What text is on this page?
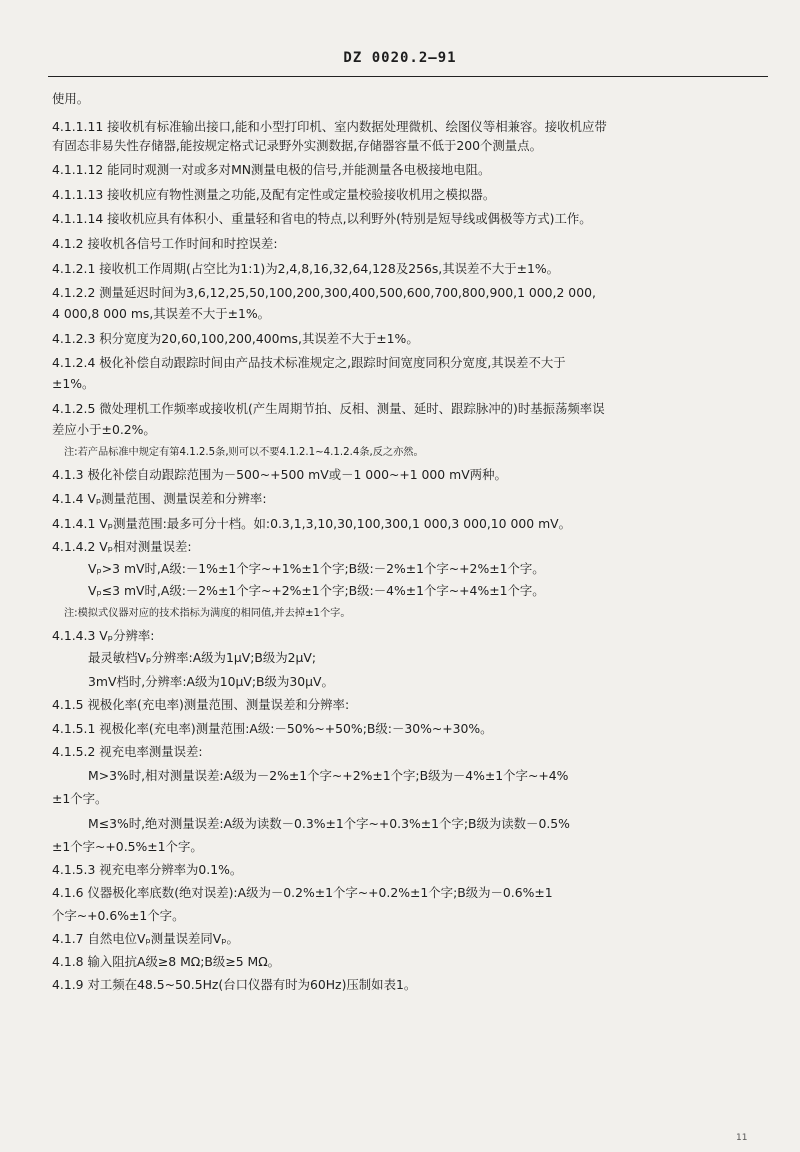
DZ 0020.2—91
使用。
4.1.1.11 接收机有标准输出接口,能和小型打印机、室内数据处理微机、绘图仪等相兼容。接收机应带
有固态非易失性存储器,能按规定格式记录野外实测数据,存储器容量不低于200个测量点。
4.1.1.12 能同时观测一对或多对MN测量电极的信号,并能测量各电极接地电阻。
4.1.1.13 接收机应有物性测量之功能,及配有定性或定量校验接收机用之模拟器。
4.1.1.14 接收机应具有体积小、重量轻和省电的特点,以利野外(特别是短导线或偶极等方式)工作。
4.1.2 接收机各信号工作时间和时控误差:
4.1.2.1 接收机工作周期(占空比为1:1)为2,4,8,16,32,64,128及256s,其误差不大于±1%。
4.1.2.2 测量延迟时间为3,6,12,25,50,100,200,300,400,500,600,700,800,900,1 000,2 000,
4 000,8 000 ms,其误差不大于±1%。
4.1.2.3 积分宽度为20,60,100,200,400ms,其误差不大于±1%。
4.1.2.4 极化补偿自动跟踪时间由产品技术标准规定之,跟踪时间宽度同积分宽度,其误差不大于
±1%。
4.1.2.5 微处理机工作频率或接收机(产生周期节拍、反相、测量、延时、跟踪脉冲的)时基振荡频率误
差应小于±0.2%。
注:若产品标准中规定有第4.1.2.5条,则可以不要4.1.2.1~4.1.2.4条,反之亦然。
4.1.3 极化补偿自动跟踪范围为－500~+500 mV或－1 000~+1 000 mV两种。
4.1.4 Vₚ测量范围、测量误差和分辨率:
4.1.4.1 Vₚ测量范围:最多可分十档。如:0.3,1,3,10,30,100,300,1 000,3 000,10 000 mV。
4.1.4.2 Vₚ相对测量误差:
Vₚ>3 mV时,A级:－1%±1个字~+1%±1个字;B级:－2%±1个字~+2%±1个字。
Vₚ≤3 mV时,A级:－2%±1个字~+2%±1个字;B级:－4%±1个字~+4%±1个字。
注:模拟式仪器对应的技术指标为满度的相同值,并去掉±1个字。
4.1.4.3 Vₚ分辨率:
最灵敏档Vₚ分辨率:A级为1μV;B级为2μV;
3mV档时,分辨率:A级为10μV;B级为30μV。
4.1.5 视极化率(充电率)测量范围、测量误差和分辨率:
4.1.5.1 视极化率(充电率)测量范围:A级:－50%~+50%;B级:－30%~+30%。
4.1.5.2 视充电率测量误差:
M>3%时,相对测量误差:A级为－2%±1个字~+2%±1个字;B级为－4%±1个字~+4%
±1个字。
M≤3%时,绝对测量误差:A级为读数－0.3%±1个字~+0.3%±1个字;B级为读数－0.5%
±1个字~+0.5%±1个字。
4.1.5.3 视充电率分辨率为0.1%。
4.1.6 仪器极化率底数(绝对误差):A级为－0.2%±1个字~+0.2%±1个字;B级为－0.6%±1
个字~+0.6%±1个字。
4.1.7 自然电位Vₚ测量误差同Vₚ。
4.1.8 输入阻抗A级≥8 MΩ;B级≥5 MΩ。
4.1.9 对工频在48.5~50.5Hz(台口仪器有时为60Hz)压制如表1。
11
